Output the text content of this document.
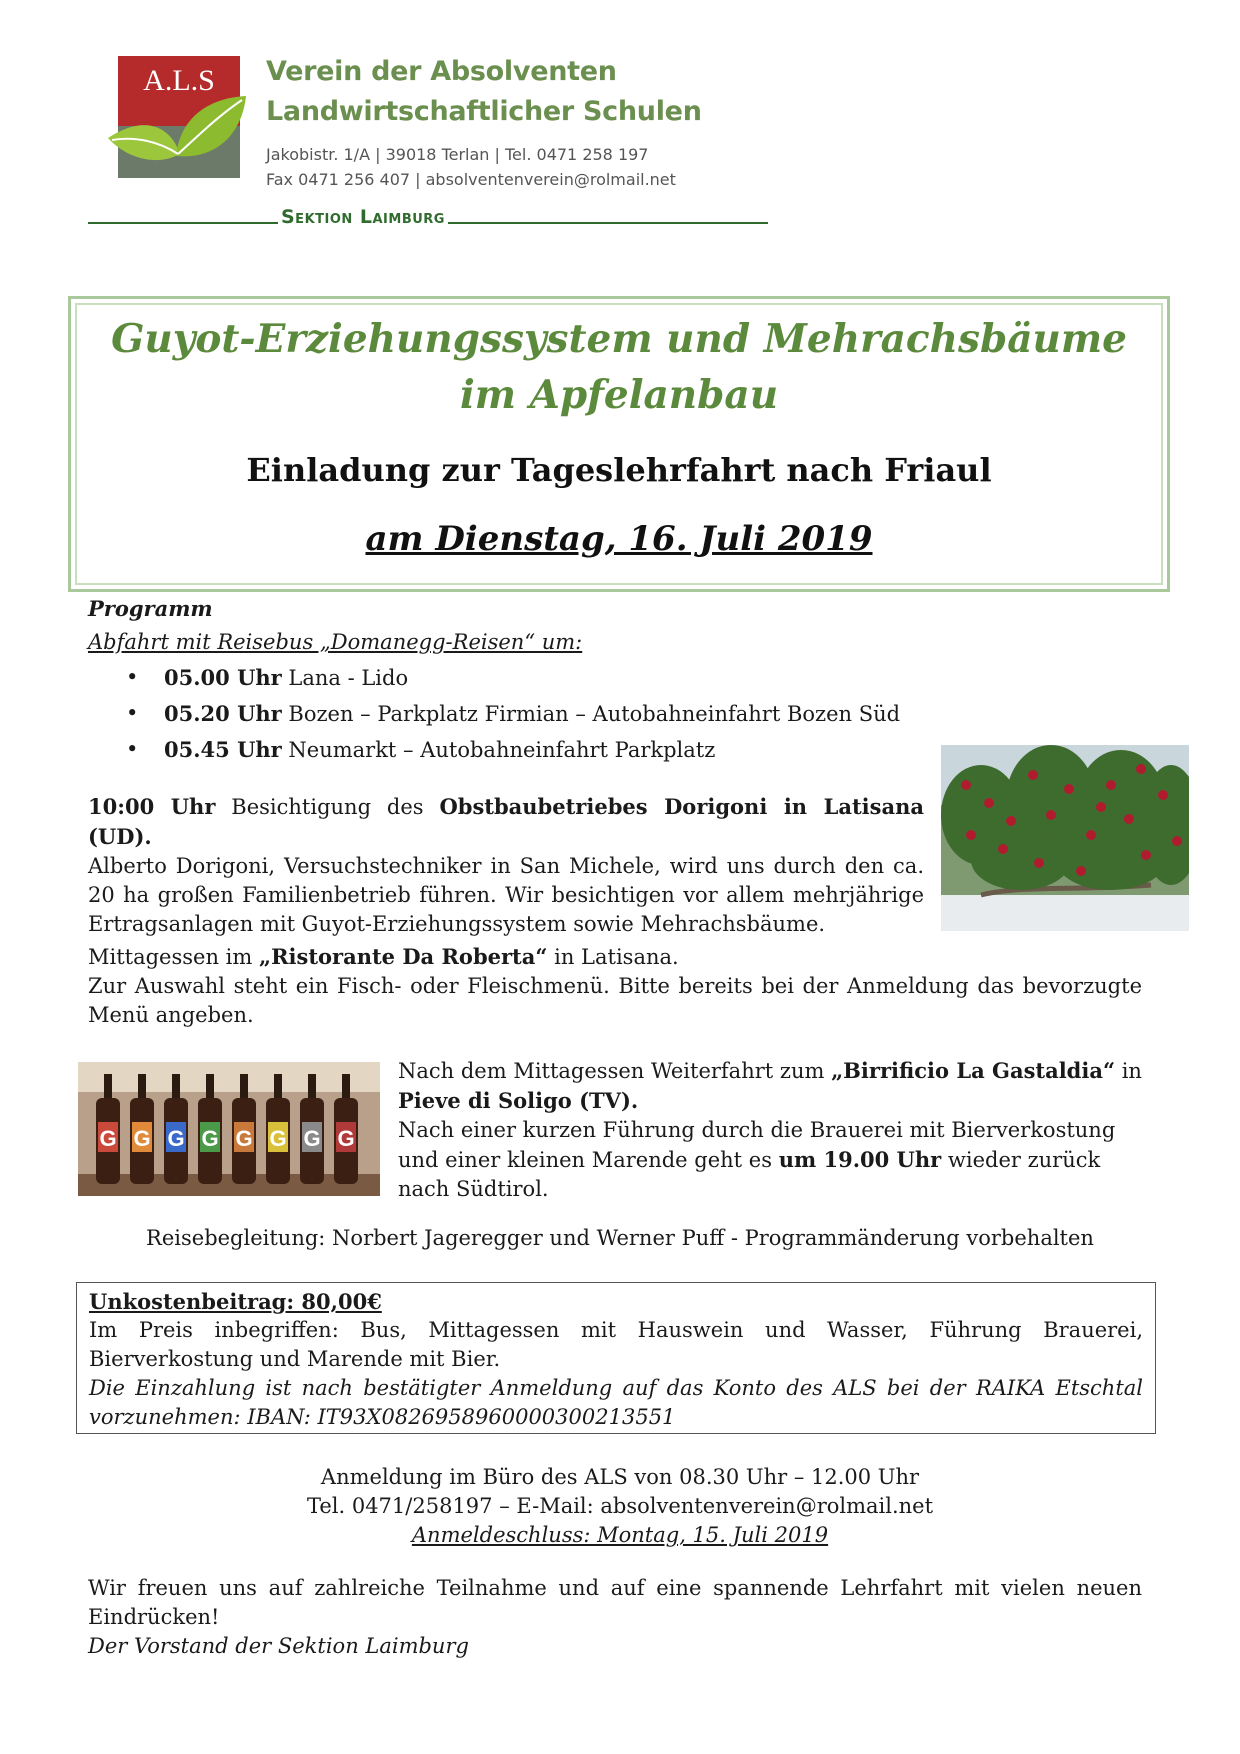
A.L.S Verein der Absolventen
Landwirtschaftlicher Schulen
Jakobistr. 1/A | 39018 Terlan | Tel. 0471 258 197
Fax 0471 256 407 | absolventenverein@rolmail.net
Sektion Laimburg
Guyot-Erziehungssystem und Mehrachsbäume
im Apfelanbau
Einladung zur Tageslehrfahrt nach Friaul
am Dienstag, 16. Juli 2019
Programm
Abfahrt mit Reisebus „Domanegg-Reisen“ um:
• 05.00 Uhr Lana - Lido
• 05.20 Uhr Bozen – Parkplatz Firmian – Autobahneinfahrt Bozen Süd
• 05.45 Uhr Neumarkt – Autobahneinfahrt Parkplatz
10:00 Uhr Besichtigung des Obstbaubetriebes Dorigoni in Latisana (UD).
Alberto Dorigoni, Versuchstechniker in San Michele, wird uns durch den ca. 20 ha großen Familienbetrieb führen. Wir besichtigen vor allem mehrjährige Ertragsanlagen mit Guyot-Erziehungssystem sowie Mehrachsbäume.
Mittagessen im „Ristorante Da Roberta“ in Latisana.
Zur Auswahl steht ein Fisch- oder Fleischmenü. Bitte bereits bei der Anmeldung das bevorzugte Menü angeben.
G G G G G G G G
Nach dem Mittagessen Weiterfahrt zum „Birrificio La Gastaldia“ in Pieve di Soligo (TV).
Nach einer kurzen Führung durch die Brauerei mit Bierverkostung und einer kleinen Marende geht es um 19.00 Uhr wieder zurück nach Südtirol.
Reisebegleitung: Norbert Jageregger und Werner Puff - Programmänderung vorbehalten
Unkostenbeitrag: 80,00€
Im Preis inbegriffen: Bus, Mittagessen mit Hauswein und Wasser, Führung Brauerei, Bierverkostung und Marende mit Bier.
Die Einzahlung ist nach bestätigter Anmeldung auf das Konto des ALS bei der RAIKA Etschtal vorzunehmen: IBAN: IT93X0826958960000300213551
Anmeldung im Büro des ALS von 08.30 Uhr – 12.00 Uhr
Tel. 0471/258197 – E-Mail: absolventenverein@rolmail.net
Anmeldeschluss: Montag, 15. Juli 2019
Wir freuen uns auf zahlreiche Teilnahme und auf eine spannende Lehrfahrt mit vielen neuen Eindrücken!
Der Vorstand der Sektion Laimburg
